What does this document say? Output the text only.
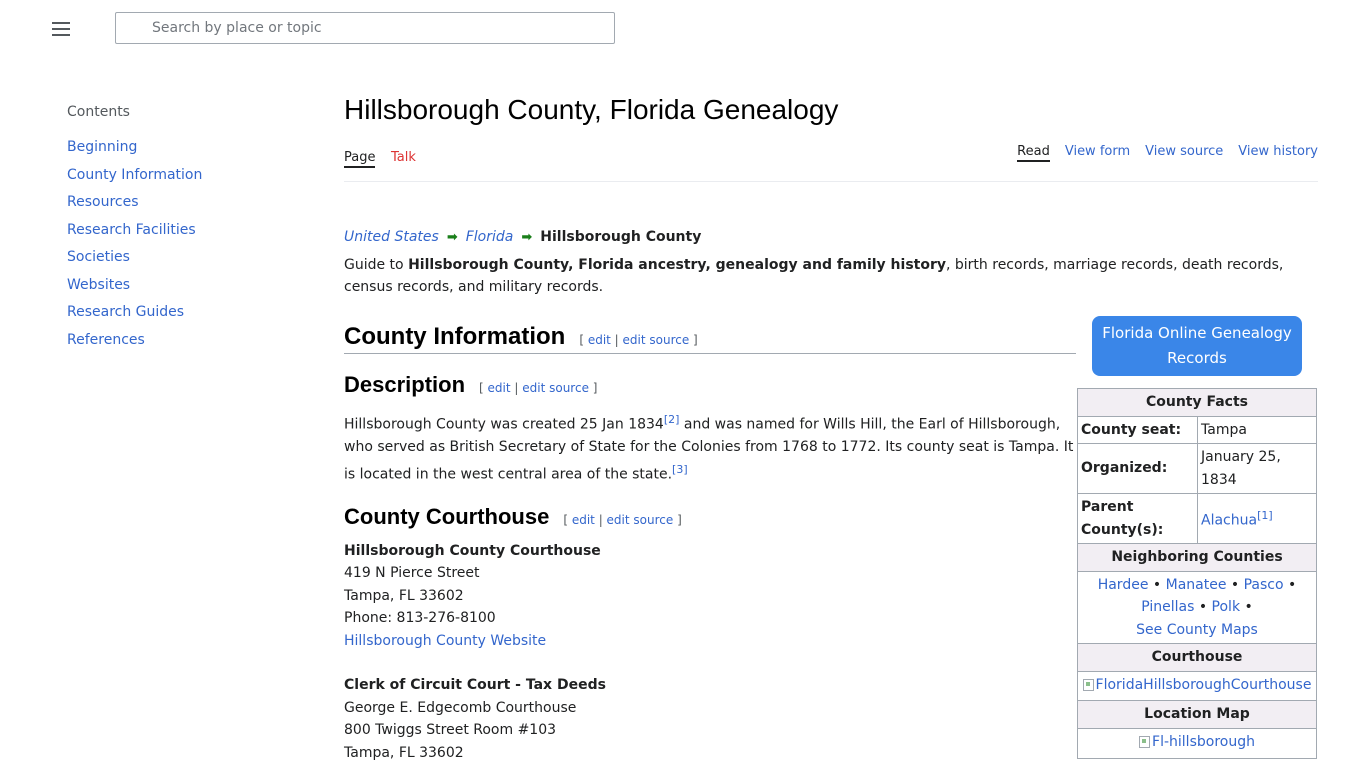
Search by place or topic
Contents
Beginning
County Information
Resources
Research Facilities
Societies
Websites
Research Guides
References
Hillsborough County, Florida Genealogy
Page Talk	Read View form View source View history
United States ➡ Florida ➡ Hillsborough County

Guide to Hillsborough County, Florida ancestry, genealogy and family history, birth records, marriage records, death records, census records, and military records.

County Information [ edit | edit source ]
Description [ edit | edit source ]

Hillsborough County was created 25 Jan 1834[2] and was named for Wills Hill, the Earl of Hillsborough, who served as British Secretary of State for the Colonies from 1768 to 1772. Its county seat is Tampa. It is located in the west central area of the state.[3]

County Courthouse [ edit | edit source ]
Hillsborough County Courthouse
419 N Pierce Street
Tampa, FL 33602
Phone: 813-276-8100
Hillsborough County Website
Clerk of Circuit Court - Tax Deeds
George E. Edgecomb Courthouse
800 Twiggs Street Room #103
Tampa, FL 33602
Florida Online Genealogy Records
County Facts	
County seat:	Tampa
Organized:	January 25, 1834
Parent County(s):	Alachua[1]
Neighboring Counties	
Hardee • Manatee • Pasco •
Pinellas • Polk •
See County Maps	
Courthouse	

FloridaHillsboroughCourthouse	

Location Map	

Fl-hillsborough	
